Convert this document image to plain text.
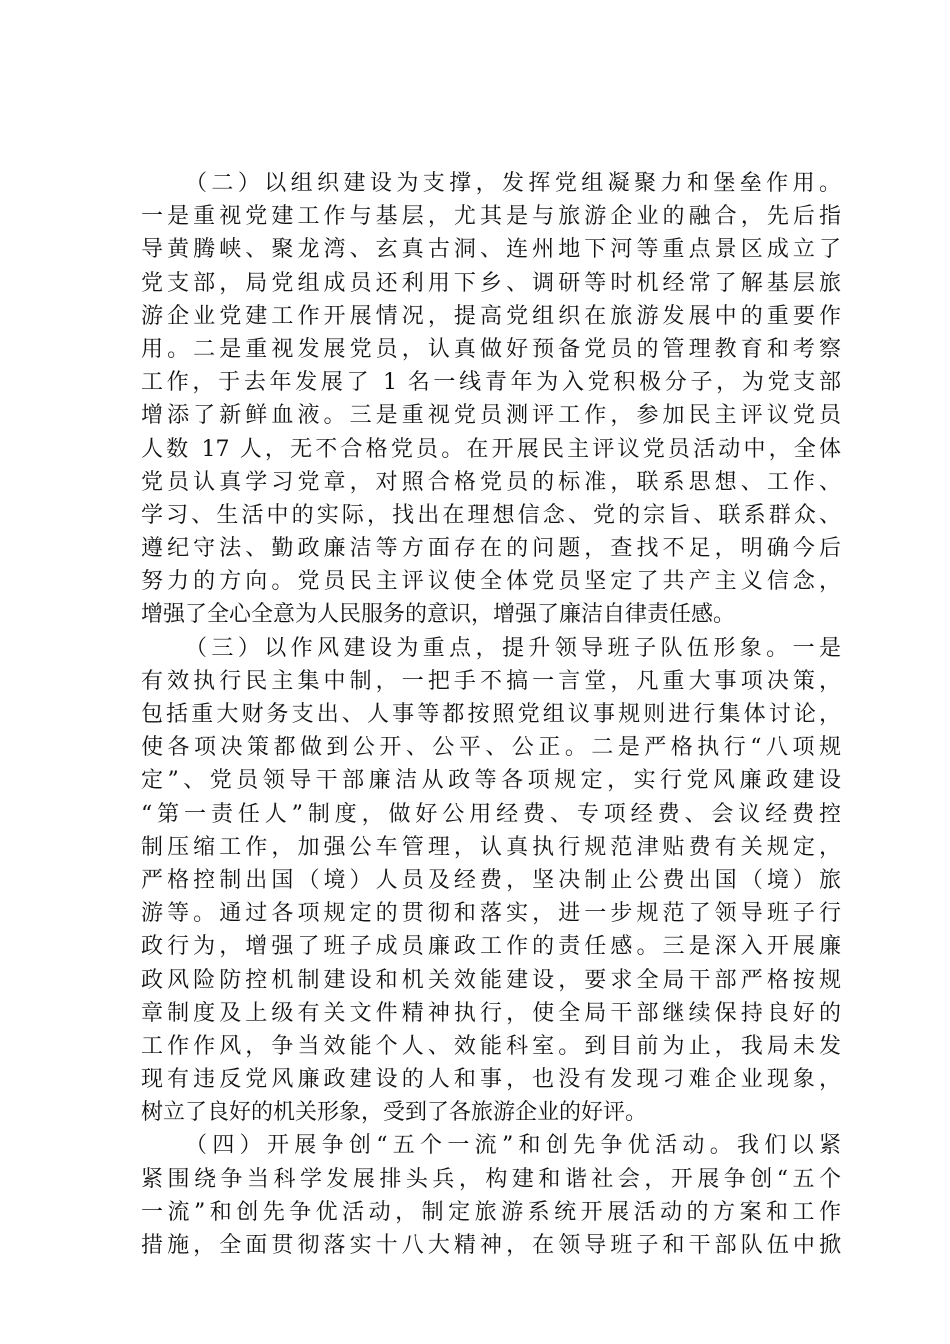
（二）以组织建设为支撑，发挥党组凝聚力和堡垒作用。
一是重视党建工作与基层，尤其是与旅游企业的融合，先后指
导黄腾峡、聚龙湾、玄真古洞、连州地下河等重点景区成立了
党支部，局党组成员还利用下乡、调研等时机经常了解基层旅
游企业党建工作开展情况，提高党组织在旅游发展中的重要作
用。二是重视发展党员，认真做好预备党员的管理教育和考察
工作，于去年发展了 1 名一线青年为入党积极分子，为党支部
增添了新鲜血液。三是重视党员测评工作，参加民主评议党员
人数 17 人，无不合格党员。在开展民主评议党员活动中，全体
党员认真学习党章，对照合格党员的标准，联系思想、工作、
学习、生活中的实际，找出在理想信念、党的宗旨、联系群众、
遵纪守法、勤政廉洁等方面存在的问题，查找不足，明确今后
努力的方向。党员民主评议使全体党员坚定了共产主义信念，
增强了全心全意为人民服务的意识，增强了廉洁自律责任感。
（三）以作风建设为重点，提升领导班子队伍形象。一是
有效执行民主集中制，一把手不搞一言堂，凡重大事项决策，
包括重大财务支出、人事等都按照党组议事规则进行集体讨论，
使各项决策都做到公开、公平、公正。二是严格执行“八项规
定”、党员领导干部廉洁从政等各项规定，实行党风廉政建设
“第一责任人”制度，做好公用经费、专项经费、会议经费控
制压缩工作，加强公车管理，认真执行规范津贴费有关规定，
严格控制出国（境）人员及经费，坚决制止公费出国（境）旅
游等。通过各项规定的贯彻和落实，进一步规范了领导班子行
政行为，增强了班子成员廉政工作的责任感。三是深入开展廉
政风险防控机制建设和机关效能建设，要求全局干部严格按规
章制度及上级有关文件精神执行，使全局干部继续保持良好的
工作作风，争当效能个人、效能科室。到目前为止，我局未发
现有违反党风廉政建设的人和事，也没有发现刁难企业现象，
树立了良好的机关形象，受到了各旅游企业的好评。
（四）开展争创“五个一流”和创先争优活动。我们以紧
紧围绕争当科学发展排头兵，构建和谐社会，开展争创“五个
一流”和创先争优活动，制定旅游系统开展活动的方案和工作
措施，全面贯彻落实十八大精神，在领导班子和干部队伍中掀
